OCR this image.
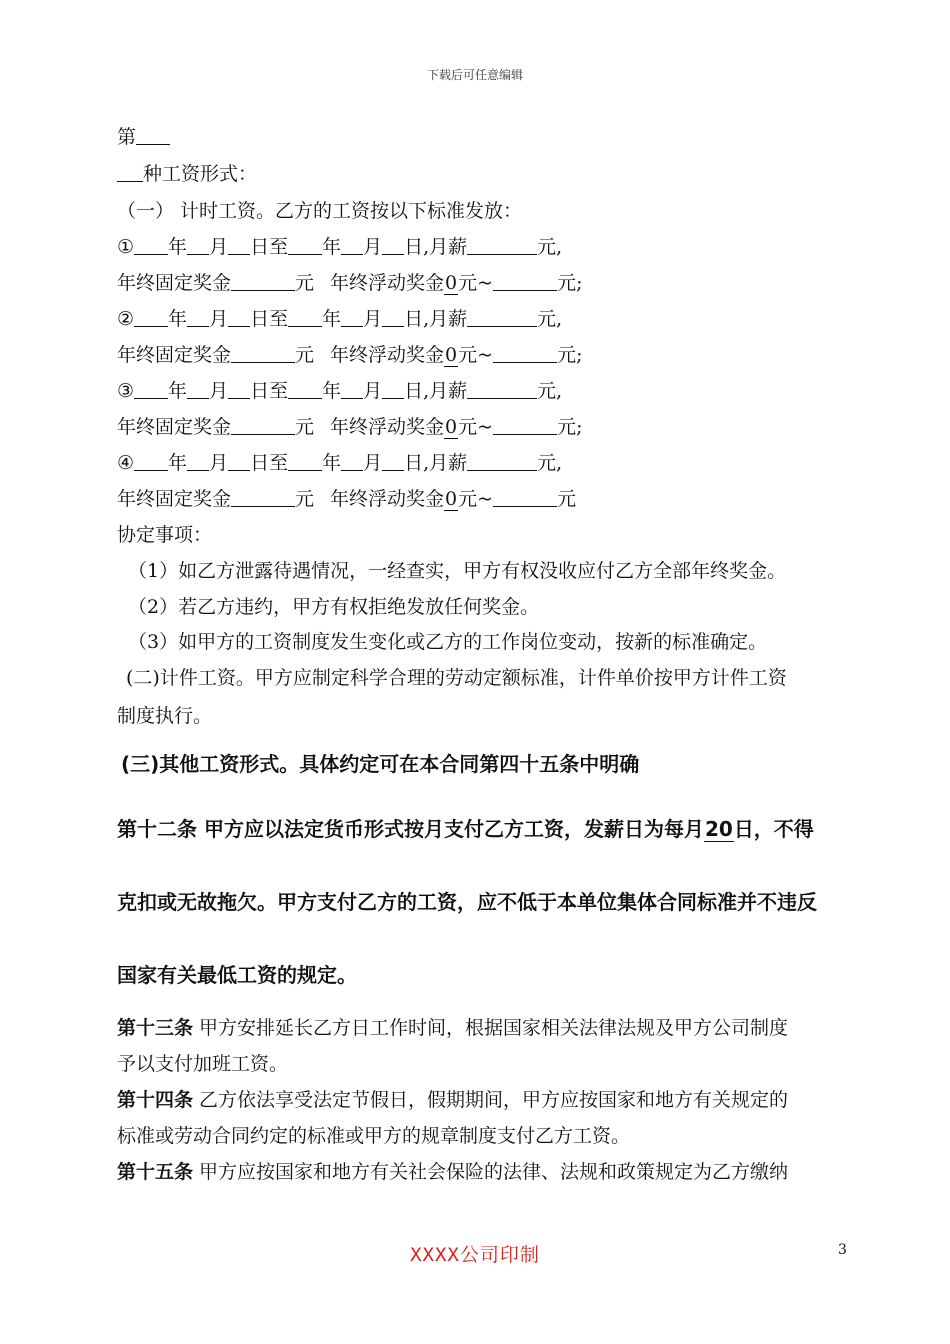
下载后可任意编辑
第
种工资形式：
（一） 计时工资。乙方的工资按以下标准发放：
① 年 月 日至 年 月 日,月薪	元,
年终固定奖金	元 年终浮动奖金0元~	元;
② 年 月 日至 年 月 日,月薪	元,
年终固定奖金	元 年终浮动奖金0元~	元;
③ 年 月 日至 年 月 日,月薪	元,
年终固定奖金	元 年终浮动奖金0元~	元;
④ 年 月 日至 年 月 日,月薪	元,
年终固定奖金	元 年终浮动奖金0元~	元
协定事项：
（1）如乙方泄露待遇情况，一经查实，甲方有权没收应付乙方全部年终奖金。
（2）若乙方违约，甲方有权拒绝发放任何奖金。
（3）如甲方的工资制度发生变化或乙方的工作岗位变动，按新的标准确定。
(二)计件工资。甲方应制定科学合理的劳动定额标准，计件单价按甲方计件工资
制度执行。
(三)其他工资形式。具体约定可在本合同第四十五条中明确
第十二条 甲方应以法定货币形式按月支付乙方工资，发薪日为每月20日，不得
克扣或无故拖欠。甲方支付乙方的工资，应不低于本单位集体合同标准并不违反
国家有关最低工资的规定。
第十三条 甲方安排延长乙方日工作时间，根据国家相关法律法规及甲方公司制度
予以支付加班工资。
第十四条 乙方依法享受法定节假日，假期期间，甲方应按国家和地方有关规定的
标准或劳动合同约定的标准或甲方的规章制度支付乙方工资。
第十五条 甲方应按国家和地方有关社会保险的法律、法规和政策规定为乙方缴纳
XXXX公司印制	3
